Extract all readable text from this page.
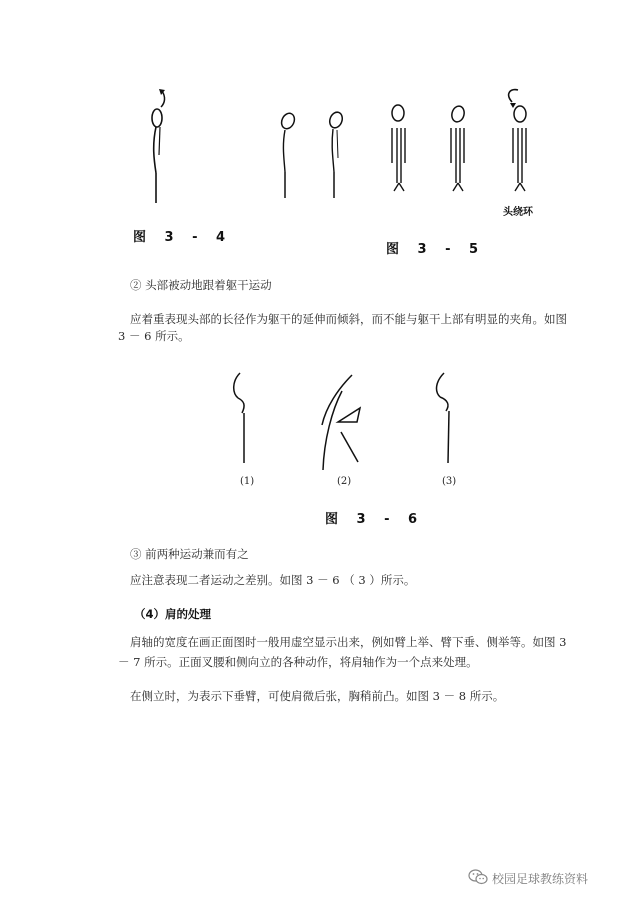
图 3 - 4
头绕环
图 3 - 5
② 头部被动地跟着躯干运动
应着重表现头部的长径作为躯干的延伸而倾斜，而不能与躯干上部有明显的夹角。如图
3 － 6 所示。
(1)	(2)	(3)
图 3 - 6
③ 前两种运动兼而有之
应注意表现二者运动之差别。如图 3 － 6 （ 3 ）所示。
（4）肩的处理
肩轴的宽度在画正面图时一般用虚空显示出来，例如臂上举、臂下垂、侧举等。如图 3
－ 7 所示。正面叉腰和侧向立的各种动作，将肩轴作为一个点来处理。
在侧立时，为表示下垂臂，可使肩微后张，胸稍前凸。如图 3 － 8 所示。
校园足球教练资料
